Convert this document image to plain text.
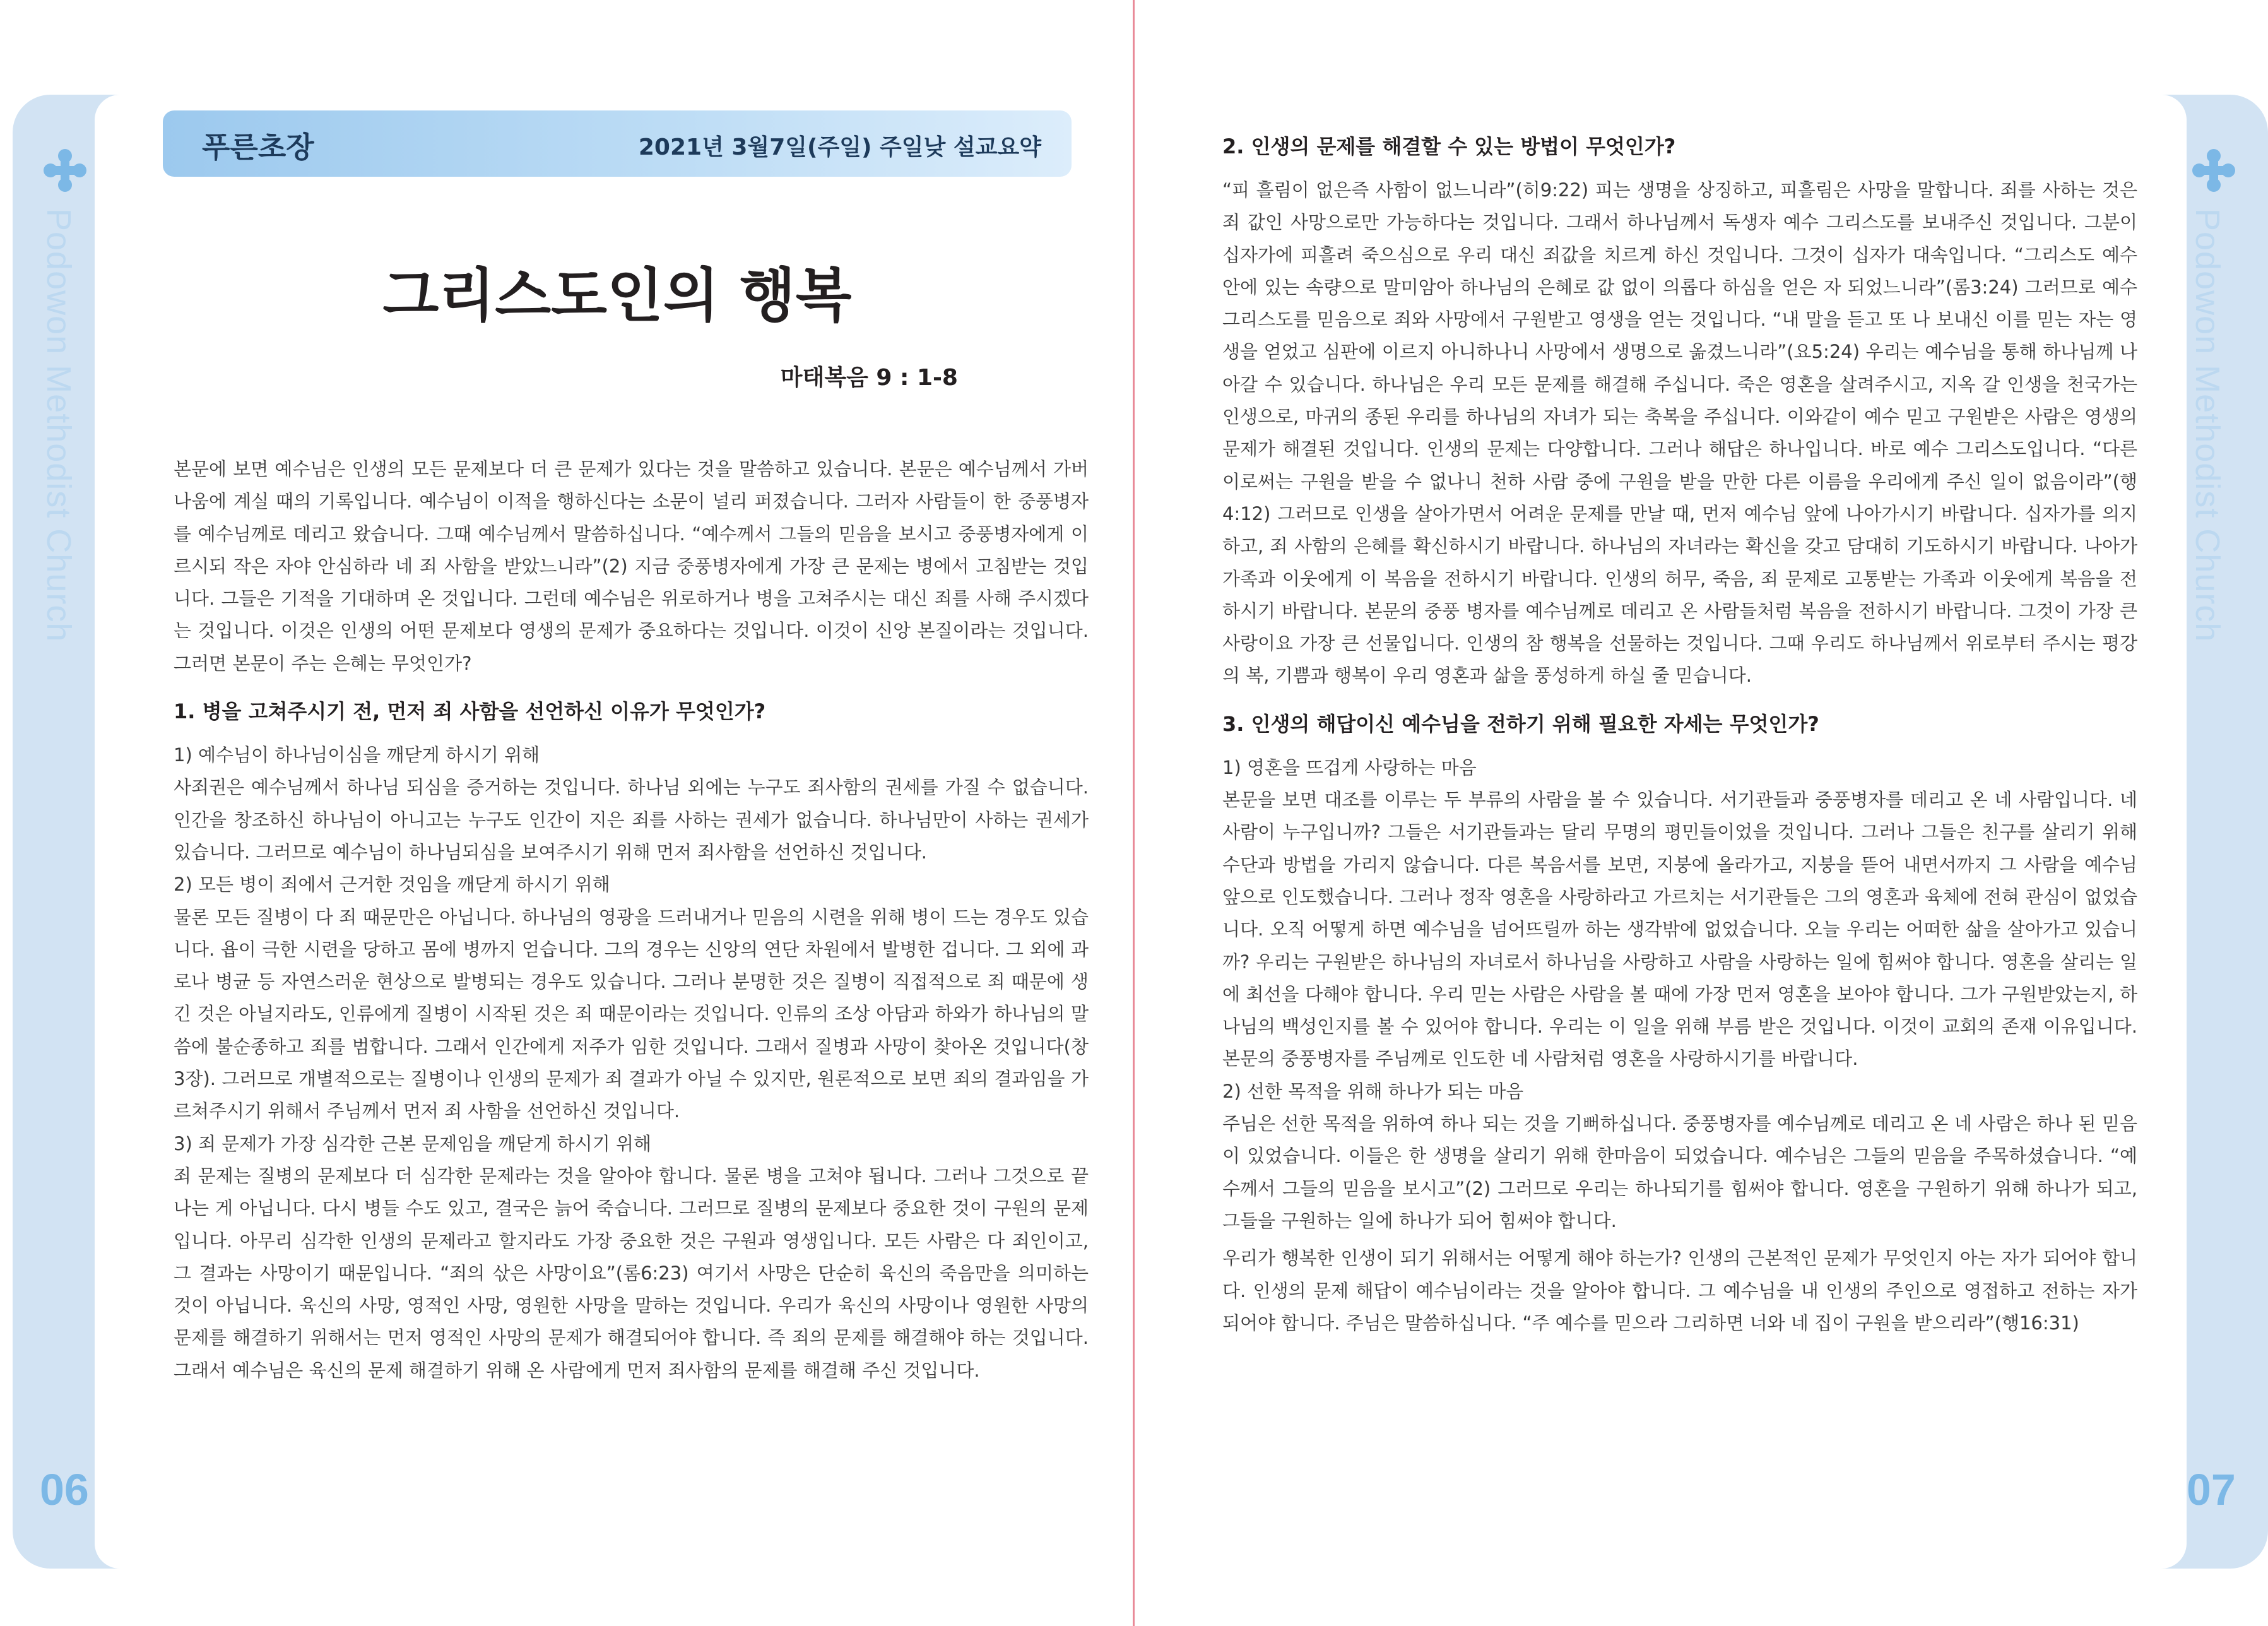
Podowon Methodist Church
06
Podowon Methodist Church
07
푸른초장	2021년 3월7일(주일) 주일낮 설교요약
그리스도인의 행복
마태복음 9 : 1-8

본문에 보면 예수님은 인생의 모든 문제보다 더 큰 문제가 있다는 것을 말씀하고 있습니다. 본문은 예수님께서 가버나움에 계실 때의 기록입니다. 예수님이 이적을 행하신다는 소문이 널리 퍼졌습니다. 그러자 사람들이 한 중풍병자를 예수님께로 데리고 왔습니다. 그때 예수님께서 말씀하십니다. “예수께서 그들의 믿음을 보시고 중풍병자에게 이르시되 작은 자야 안심하라 네 죄 사함을 받았느니라”(2) 지금 중풍병자에게 가장 큰 문제는 병에서 고침받는 것입니다. 그들은 기적을 기대하며 온 것입니다. 그런데 예수님은 위로하거나 병을 고쳐주시는 대신 죄를 사해 주시겠다는 것입니다. 이것은 인생의 어떤 문제보다 영생의 문제가 중요하다는 것입니다. 이것이 신앙 본질이라는 것입니다. 그러면 본문이 주는 은혜는 무엇인가?

1. 병을 고쳐주시기 전, 먼저 죄 사함을 선언하신 이유가 무엇인가?
1) 예수님이 하나님이심을 깨닫게 하시기 위해

사죄권은 예수님께서 하나님 되심을 증거하는 것입니다. 하나님 외에는 누구도 죄사함의 권세를 가질 수 없습니다. 인간을 창조하신 하나님이 아니고는 누구도 인간이 지은 죄를 사하는 권세가 없습니다. 하나님만이 사하는 권세가 있습니다. 그러므로 예수님이 하나님되심을 보여주시기 위해 먼저 죄사함을 선언하신 것입니다.

2) 모든 병이 죄에서 근거한 것임을 깨닫게 하시기 위해

물론 모든 질병이 다 죄 때문만은 아닙니다. 하나님의 영광을 드러내거나 믿음의 시련을 위해 병이 드는 경우도 있습니다. 욥이 극한 시련을 당하고 몸에 병까지 얻습니다. 그의 경우는 신앙의 연단 차원에서 발병한 겁니다. 그 외에 과로나 병균 등 자연스러운 현상으로 발병되는 경우도 있습니다. 그러나 분명한 것은 질병이 직접적으로 죄 때문에 생긴 것은 아닐지라도, 인류에게 질병이 시작된 것은 죄 때문이라는 것입니다. 인류의 조상 아담과 하와가 하나님의 말씀에 불순종하고 죄를 범합니다. 그래서 인간에게 저주가 임한 것입니다. 그래서 질병과 사망이 찾아온 것입니다(창3장). 그러므로 개별적으로는 질병이나 인생의 문제가 죄 결과가 아닐 수 있지만, 원론적으로 보면 죄의 결과임을 가르쳐주시기 위해서 주님께서 먼저 죄 사함을 선언하신 것입니다.

3) 죄 문제가 가장 심각한 근본 문제임을 깨닫게 하시기 위해

죄 문제는 질병의 문제보다 더 심각한 문제라는 것을 알아야 합니다. 물론 병을 고쳐야 됩니다. 그러나 그것으로 끝나는 게 아닙니다. 다시 병들 수도 있고, 결국은 늙어 죽습니다. 그러므로 질병의 문제보다 중요한 것이 구원의 문제입니다. 아무리 심각한 인생의 문제라고 할지라도 가장 중요한 것은 구원과 영생입니다. 모든 사람은 다 죄인이고, 그 결과는 사망이기 때문입니다. “죄의 삯은 사망이요”(롬6:23) 여기서 사망은 단순히 육신의 죽음만을 의미하는 것이 아닙니다. 육신의 사망, 영적인 사망, 영원한 사망을 말하는 것입니다. 우리가 육신의 사망이나 영원한 사망의 문제를 해결하기 위해서는 먼저 영적인 사망의 문제가 해결되어야 합니다. 즉 죄의 문제를 해결해야 하는 것입니다. 그래서 예수님은 육신의 문제 해결하기 위해 온 사람에게 먼저 죄사함의 문제를 해결해 주신 것입니다.

2. 인생의 문제를 해결할 수 있는 방법이 무엇인가?

“피 흘림이 없은즉 사함이 없느니라”(히9:22) 피는 생명을 상징하고, 피흘림은 사망을 말합니다. 죄를 사하는 것은 죄 값인 사망으로만 가능하다는 것입니다. 그래서 하나님께서 독생자 예수 그리스도를 보내주신 것입니다. 그분이 십자가에 피흘려 죽으심으로 우리 대신 죄값을 치르게 하신 것입니다. 그것이 십자가 대속입니다. “그리스도 예수 안에 있는 속량으로 말미암아 하나님의 은혜로 값 없이 의롭다 하심을 얻은 자 되었느니라”(롬3:24) 그러므로 예수 그리스도를 믿음으로 죄와 사망에서 구원받고 영생을 얻는 것입니다. “내 말을 듣고 또 나 보내신 이를 믿는 자는 영생을 얻었고 심판에 이르지 아니하나니 사망에서 생명으로 옮겼느니라”(요5:24) 우리는 예수님을 통해 하나님께 나아갈 수 있습니다. 하나님은 우리 모든 문제를 해결해 주십니다. 죽은 영혼을 살려주시고, 지옥 갈 인생을 천국가는 인생으로, 마귀의 종된 우리를 하나님의 자녀가 되는 축복을 주십니다. 이와같이 예수 믿고 구원받은 사람은 영생의 문제가 해결된 것입니다. 인생의 문제는 다양합니다. 그러나 해답은 하나입니다. 바로 예수 그리스도입니다. “다른 이로써는 구원을 받을 수 없나니 천하 사람 중에 구원을 받을 만한 다른 이름을 우리에게 주신 일이 없음이라”(행4:12) 그러므로 인생을 살아가면서 어려운 문제를 만날 때, 먼저 예수님 앞에 나아가시기 바랍니다. 십자가를 의지하고, 죄 사함의 은혜를 확신하시기 바랍니다. 하나님의 자녀라는 확신을 갖고 담대히 기도하시기 바랍니다. 나아가 가족과 이웃에게 이 복음을 전하시기 바랍니다. 인생의 허무, 죽음, 죄 문제로 고통받는 가족과 이웃에게 복음을 전하시기 바랍니다. 본문의 중풍 병자를 예수님께로 데리고 온 사람들처럼 복음을 전하시기 바랍니다. 그것이 가장 큰 사랑이요 가장 큰 선물입니다. 인생의 참 행복을 선물하는 것입니다. 그때 우리도 하나님께서 위로부터 주시는 평강의 복, 기쁨과 행복이 우리 영혼과 삶을 풍성하게 하실 줄 믿습니다.

3. 인생의 해답이신 예수님을 전하기 위해 필요한 자세는 무엇인가?
1) 영혼을 뜨겁게 사랑하는 마음

본문을 보면 대조를 이루는 두 부류의 사람을 볼 수 있습니다. 서기관들과 중풍병자를 데리고 온 네 사람입니다. 네 사람이 누구입니까? 그들은 서기관들과는 달리 무명의 평민들이었을 것입니다. 그러나 그들은 친구를 살리기 위해 수단과 방법을 가리지 않습니다. 다른 복음서를 보면, 지붕에 올라가고, 지붕을 뜯어 내면서까지 그 사람을 예수님 앞으로 인도했습니다. 그러나 정작 영혼을 사랑하라고 가르치는 서기관들은 그의 영혼과 육체에 전혀 관심이 없었습니다. 오직 어떻게 하면 예수님을 넘어뜨릴까 하는 생각밖에 없었습니다. 오늘 우리는 어떠한 삶을 살아가고 있습니까? 우리는 구원받은 하나님의 자녀로서 하나님을 사랑하고 사람을 사랑하는 일에 힘써야 합니다. 영혼을 살리는 일에 최선을 다해야 합니다. 우리 믿는 사람은 사람을 볼 때에 가장 먼저 영혼을 보아야 합니다. 그가 구원받았는지, 하나님의 백성인지를 볼 수 있어야 합니다. 우리는 이 일을 위해 부름 받은 것입니다. 이것이 교회의 존재 이유입니다. 본문의 중풍병자를 주님께로 인도한 네 사람처럼 영혼을 사랑하시기를 바랍니다.

2) 선한 목적을 위해 하나가 되는 마음

주님은 선한 목적을 위하여 하나 되는 것을 기뻐하십니다. 중풍병자를 예수님께로 데리고 온 네 사람은 하나 된 믿음이 있었습니다. 이들은 한 생명을 살리기 위해 한마음이 되었습니다. 예수님은 그들의 믿음을 주목하셨습니다. “예수께서 그들의 믿음을 보시고”(2) 그러므로 우리는 하나되기를 힘써야 합니다. 영혼을 구원하기 위해 하나가 되고, 그들을 구원하는 일에 하나가 되어 힘써야 합니다.

우리가 행복한 인생이 되기 위해서는 어떻게 해야 하는가? 인생의 근본적인 문제가 무엇인지 아는 자가 되어야 합니다. 인생의 문제 해답이 예수님이라는 것을 알아야 합니다. 그 예수님을 내 인생의 주인으로 영접하고 전하는 자가 되어야 합니다. 주님은 말씀하십니다. “주 예수를 믿으라 그리하면 너와 네 집이 구원을 받으리라”(행16:31)
